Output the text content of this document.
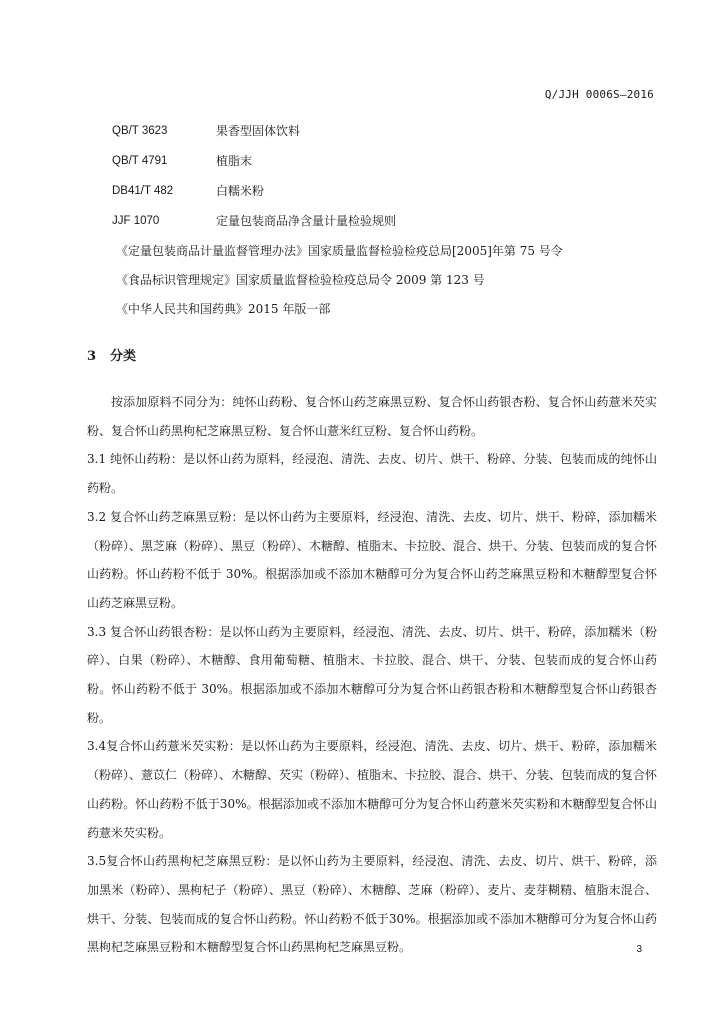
Q/JJH 0006S—2016
QB/T 3623	果香型固体饮料
QB/T 4791	植脂末
DB41/T 482	白糯米粉
JJF 1070	定量包装商品净含量计量检验规则
《定量包装商品计量监督管理办法》国家质量监督检验检疫总局[2005]年第 75 号令
《食品标识管理规定》国家质量监督检验检疫总局令 2009 第 123 号
《中华人民共和国药典》2015 年版一部
3 分类

按添加原料不同分为：纯怀山药粉、复合怀山药芝麻黑豆粉、复合怀山药银杏粉、复合怀山药薏米芡实粉、复合怀山药黑枸杞芝麻黑豆粉、复合怀山薏米红豆粉、复合怀山药粉。

3.1 纯怀山药粉：是以怀山药为原料，经浸泡、清洗、去皮、切片、烘干、粉碎、分装、包装而成的纯怀山药粉。

3.2 复合怀山药芝麻黑豆粉：是以怀山药为主要原料，经浸泡、清洗、去皮、切片、烘干、粉碎，添加糯米（粉碎）、黑芝麻（粉碎）、黑豆（粉碎）、木糖醇、植脂末、卡拉胶、混合、烘干、分装、包装而成的复合怀山药粉。怀山药粉不低于 30%。根据添加或不添加木糖醇可分为复合怀山药芝麻黑豆粉和木糖醇型复合怀山药芝麻黑豆粉。

3.3 复合怀山药银杏粉：是以怀山药为主要原料，经浸泡、清洗、去皮、切片、烘干、粉碎，添加糯米（粉碎）、白果（粉碎）、木糖醇、食用葡萄糖、植脂末、卡拉胶、混合、烘干、分装、包装而成的复合怀山药粉。怀山药粉不低于 30%。根据添加或不添加木糖醇可分为复合怀山药银杏粉和木糖醇型复合怀山药银杏粉。

3.4复合怀山药薏米芡实粉：是以怀山药为主要原料，经浸泡、清洗、去皮、切片、烘干、粉碎，添加糯米（粉碎）、薏苡仁（粉碎）、木糖醇、芡实（粉碎）、植脂末、卡拉胶、混合、烘干、分装、包装而成的复合怀山药粉。怀山药粉不低于30%。根据添加或不添加木糖醇可分为复合怀山药薏米芡实粉和木糖醇型复合怀山药薏米芡实粉。

3.5复合怀山药黑枸杞芝麻黑豆粉：是以怀山药为主要原料，经浸泡、清洗、去皮、切片、烘干、粉碎，添加黑米（粉碎）、黑枸杞子（粉碎）、黑豆（粉碎）、木糖醇、芝麻（粉碎）、麦片、麦芽糊精、植脂末混合、烘干、分装、包装而成的复合怀山药粉。怀山药粉不低于30%。根据添加或不添加木糖醇可分为复合怀山药黑枸杞芝麻黑豆粉和木糖醇型复合怀山药黑枸杞芝麻黑豆粉。	3
